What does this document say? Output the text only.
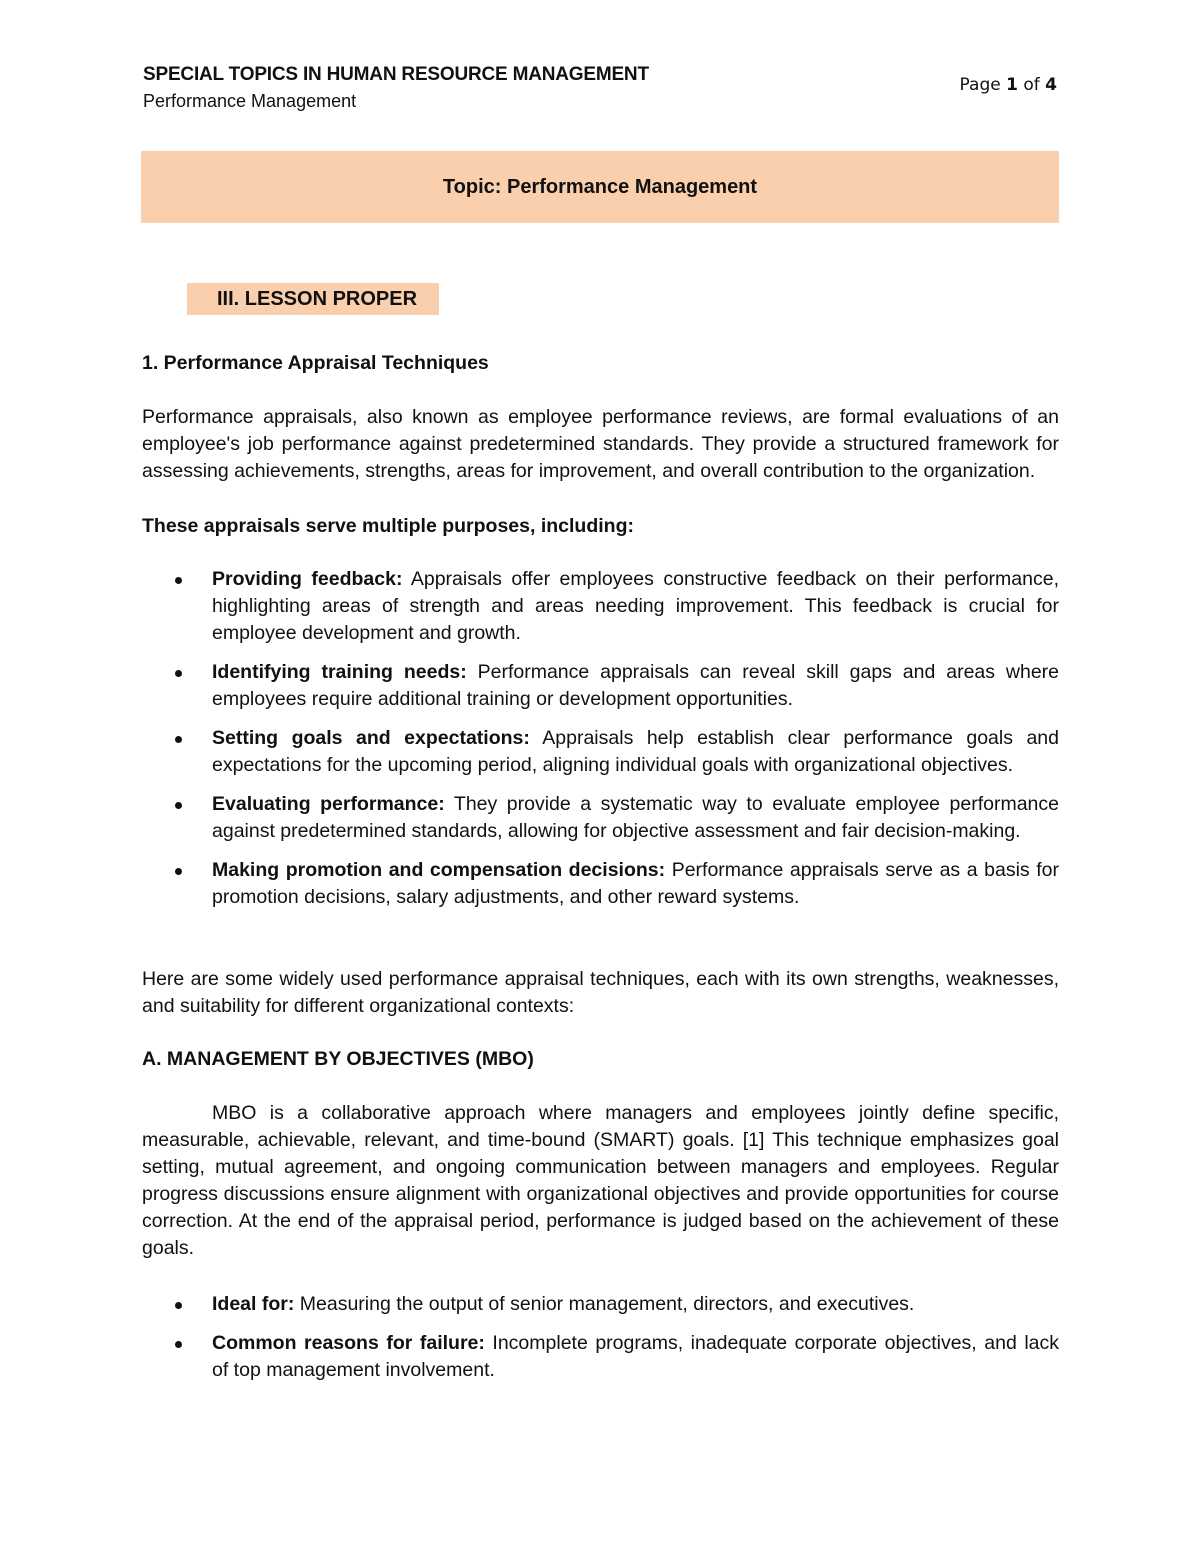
SPECIAL TOPICS IN HUMAN RESOURCE MANAGEMENT
Performance Management
Page 1 of 4
Topic: Performance Management
III. LESSON PROPER
1. Performance Appraisal Techniques
Performance appraisals, also known as employee performance reviews, are formal evaluations of an employee's job performance against predetermined standards. They provide a structured framework for assessing achievements, strengths, areas for improvement, and overall contribution to the organization.
These appraisals serve multiple purposes, including:
Providing feedback: Appraisals offer employees constructive feedback on their performance, highlighting areas of strength and areas needing improvement. This feedback is crucial for employee development and growth.
Identifying training needs: Performance appraisals can reveal skill gaps and areas where employees require additional training or development opportunities.
Setting goals and expectations: Appraisals help establish clear performance goals and expectations for the upcoming period, aligning individual goals with organizational objectives.
Evaluating performance: They provide a systematic way to evaluate employee performance against predetermined standards, allowing for objective assessment and fair decision-making.
Making promotion and compensation decisions: Performance appraisals serve as a basis for promotion decisions, salary adjustments, and other reward systems.
Here are some widely used performance appraisal techniques, each with its own strengths, weaknesses, and suitability for different organizational contexts:
A. MANAGEMENT BY OBJECTIVES (MBO)
MBO is a collaborative approach where managers and employees jointly define specific, measurable, achievable, relevant, and time-bound (SMART) goals. [1] This technique emphasizes goal setting, mutual agreement, and ongoing communication between managers and employees. Regular progress discussions ensure alignment with organizational objectives and provide opportunities for course correction. At the end of the appraisal period, performance is judged based on the achievement of these goals.
Ideal for: Measuring the output of senior management, directors, and executives.
Common reasons for failure: Incomplete programs, inadequate corporate objectives, and lack of top management involvement.
